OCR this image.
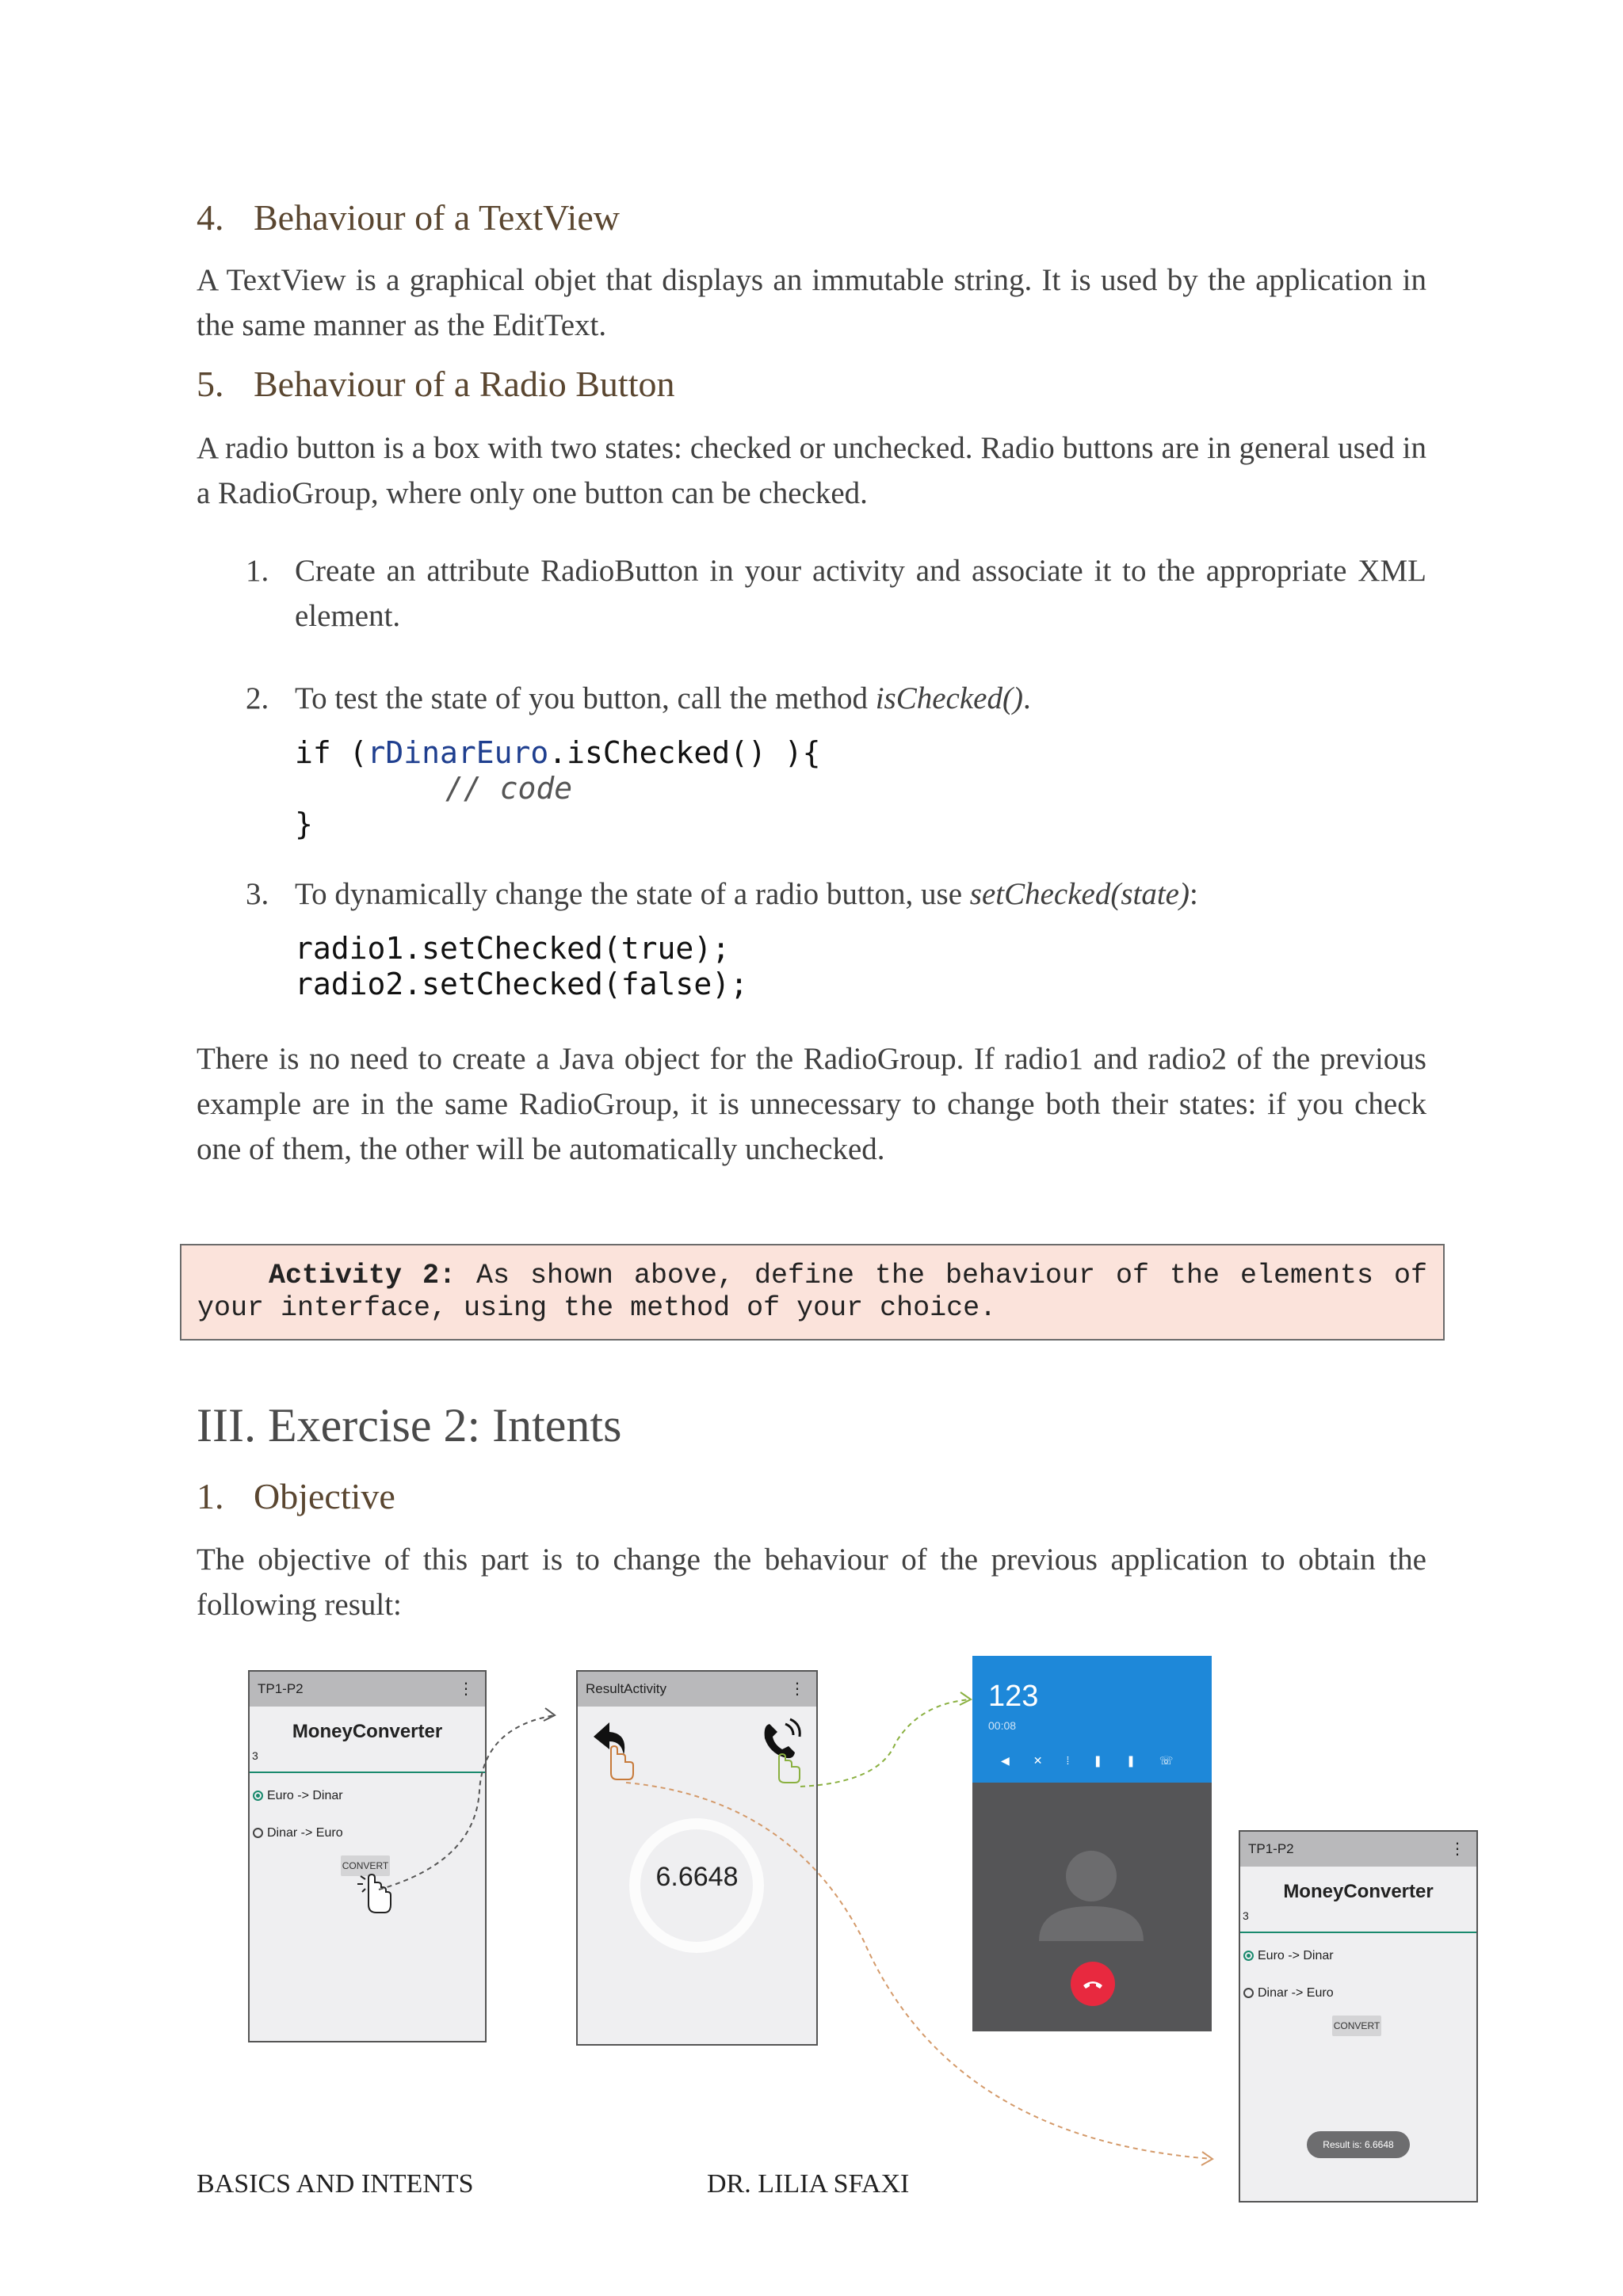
4. Behaviour of a TextView
A TextView is a graphical objet that displays an immutable string. It is used by the application in the same manner as the EditText.
5. Behaviour of a Radio Button
A radio button is a box with two states: checked or unchecked. Radio buttons are in general used in a RadioGroup, where only one button can be checked.
1. Create an attribute RadioButton in your activity and associate it to the appropriate XML element.
2. To test the state of you button, call the method isChecked().
if (rDinarEuro.isChecked() ){
// code
}
3. To dynamically change the state of a radio button, use setChecked(state):
radio1.setChecked(true);
radio2.setChecked(false);
There is no need to create a Java object for the RadioGroup. If radio1 and radio2 of the previous example are in the same RadioGroup, it is unnecessary to change both their states: if you check one of them, the other will be automatically unchecked.
Activity 2: As shown above, define the behaviour of the elements of your interface, using the method of your choice.
III. Exercise 2: Intents
1. Objective
The objective of this part is to change the behaviour of the previous application to obtain the following result:
TP1-P2	⋮
MoneyConverter
3
Euro -> Dinar
Dinar -> Euro
CONVERT
ResultActivity	⋮
6.6648
123
00:08
◀✕⁞❚❚☏
TP1-P2	⋮
MoneyConverter
3
Euro -> Dinar
Dinar -> Euro
CONVERT
Result is: 6.6648
BASICS AND INTENTS	DR. LILIA SFAXI
